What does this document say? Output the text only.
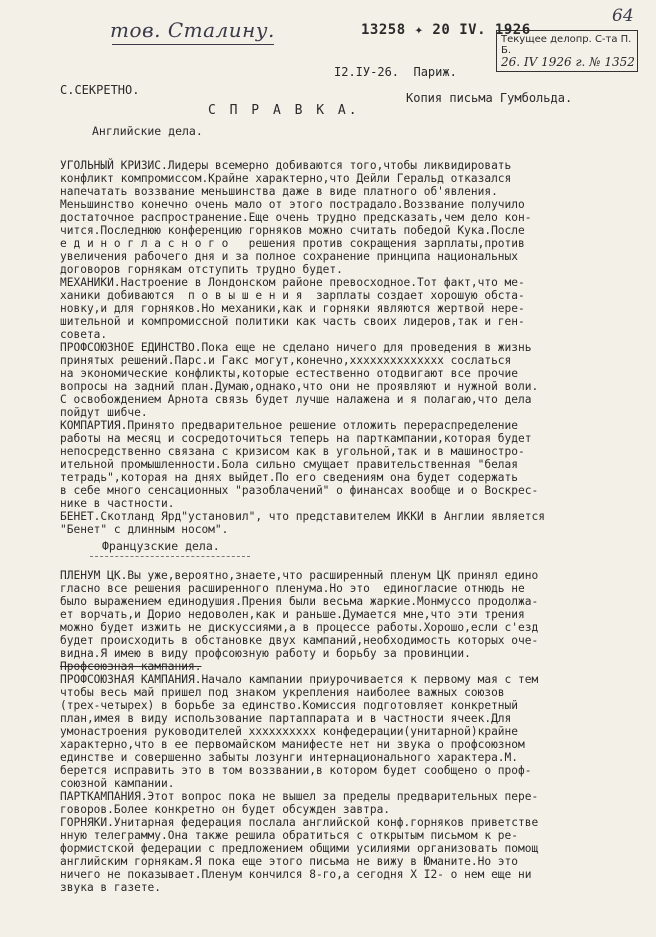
тов. Сталину.
64
13258 ✦ 20 IV. 1926
Текущее делопр. С-та П. Б.
26. IV 1926 г. № 1352
С.СЕКРЕТНО.
I2.IУ-26.  Париж.
Копия письма Гумбольда.
С П Р А В К А.
Английские дела.
УГОЛЬНЫЙ КРИЗИС.Лидеры всемерно добиваются того,чтобы ликвидировать
конфликт компромиссом.Крайне характерно,что Дейли Геральд отказался
напечатать воззвание меньшинства даже в виде платного об'явления.
Меньшинство конечно очень мало от этого пострадало.Воззвание получило
достаточное распространение.Еще очень трудно предсказать,чем дело кон-
чится.Последнюю конференцию горняков можно считать победой Кука.После
е д и н о г л а с н о г о   решения против сокращения зарплаты,против
увеличения рабочего дня и за полное сохранение принципа национальных
договоров горнякам отступить трудно будет.
МЕХАНИКИ.Настроение в Лондонском районе превосходное.Тот факт,что ме-
ханики добиваются  п о в ы ш е н и я  зарплаты создает хорошую обста-
новку,и для горняков.Но механики,как и горняки являются жертвой нере-
шительной и компромиссной политики как часть своих лидеров,так и ген-
совета.
ПРОФСОЮЗНОЕ ЕДИНСТВО.Пока еще не сделано ничего для проведения в жизнь
принятых решений.Парс.и Гакс могут,конечно,xxxxxxxxxxxxxx сослаться
на экономические конфликты,которые естественно отодвигают все прочие
вопросы на задний план.Думаю,однако,что они не проявляют и нужной воли.
С освобождением Арнота связь будет лучше налажена и я полагаю,что дела
пойдут шибче.
КОМПАРТИЯ.Принято предварительное решение отложить перераспределение
работы на месяц и сосредоточиться теперь на парткампании,которая будет
непосредственно связана с кризисом как в угольной,так и в машиностро-
ительной промышленности.Бола сильно смущает правительственная "белая
тетрадь",которая на днях выйдет.По его сведениям она будет содержать
в себе много сенсационных "разоблачений" о финансах вообще и о Воскрес-
нике в частности.
БЕНЕТ.Скотланд Ярд"установил", что представителем ИККИ в Англии является
"Бенет" с длинным носом".
Французские дела.
ПЛЕНУМ ЦК.Вы уже,вероятно,знаете,что расширенный пленум ЦК принял едино
гласно все решения расширенного пленума.Но это  единогласие отнюдь не
было выражением единодушия.Прения были весьма жаркие.Монмуссо продолжа-
ет ворчать,и Дорио недоволен,как и раньше.Думается мне,что эти трения
можно будет изжить не дискуссиями,а в процессе работы.Хорошо,если с'езд
будет происходить в обстановке двух кампаний,необходимость которых оче-
видна.Я имею в виду профсоюзную работу и борьбу за провинции.
Профсоюзная кампания.
ПРОФСОЮЗНАЯ КАМПАНИЯ.Начало кампании приурочивается к первому мая с тем
чтобы весь май пришел под знаком укрепления наиболее важных союзов
(трех-четырех) в борьбе за единство.Комиссия подготовляет конкретный
план,имея в виду использование партаппарата и в частности ячеек.Для
умонастроения руководителей xxxxxxxxxx конфедерации(унитарной)крайне
характерно,что в ее первомайском манифесте нет ни звука о профсоюзном
единстве и совершенно забыты лозунги интернационального характера.М.
берется исправить это в том воззвании,в котором будет сообщено о проф-
союзной кампании.
ПАРТКАМПАНИЯ.Этот вопрос пока не вышел за пределы предварительных пере-
говоров.Более конкретно он будет обсужден завтра.
ГОРНЯКИ.Унитарная федерация послала английской конф.горняков приветствe
нную телеграмму.Она также решила обратиться с открытым письмом к ре-
формистской федерации с предложением общими усилиями организовать помощ
английским горнякам.Я пока еще этого письма не вижу в Юманите.Но это
ничего не показывает.Пленум кончился 8-го,а сегодня Х I2- о нем еще ни
звука в газете.
